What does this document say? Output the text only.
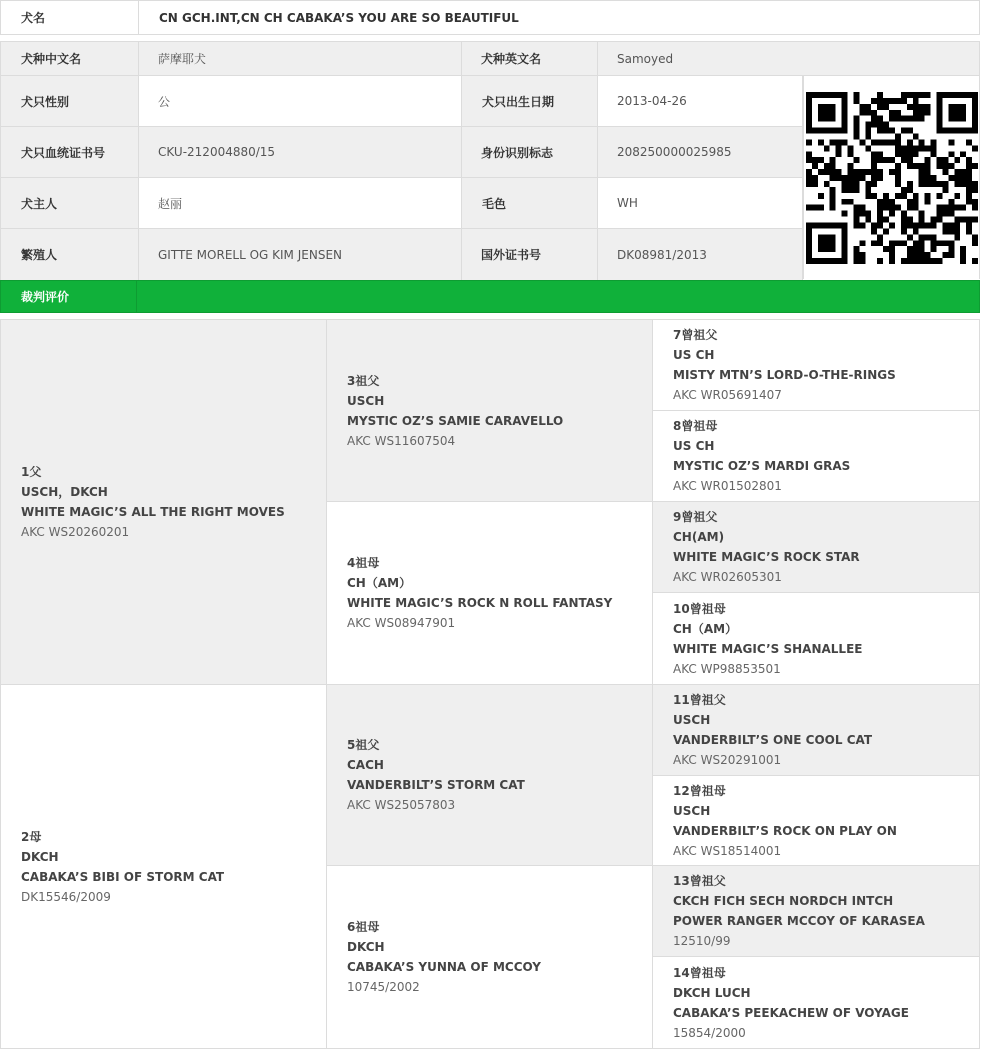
犬名	CN GCH.INT,CN CH CABAKA’S YOU ARE SO BEAUTIFUL
犬种中文名	萨摩耶犬	犬种英文名	Samoyed
犬只性别	公	犬只出生日期	2013-04-26
犬只血统证书号	CKU-212004880/15	身份识别标志	208250000025985
犬主人	赵丽	毛色	WH
繁殖人	GITTE MORELL OG KIM JENSEN	国外证书号	DK08981/2013
裁判评价
1父
USCH，DKCH
WHITE MAGIC’S ALL THE RIGHT MOVES
AKC WS20260201
2母
DKCH
CABAKA’S BIBI OF STORM CAT
DK15546/2009
3祖父
USCH
MYSTIC OZ’S SAMIE CARAVELLO
AKC WS11607504
4祖母
CH（AM）
WHITE MAGIC’S ROCK N ROLL FANTASY
AKC WS08947901
5祖父
CACH
VANDERBILT’S STORM CAT
AKC WS25057803
6祖母
DKCH
CABAKA’S YUNNA OF MCCOY
10745/2002
7曾祖父
US CH
MISTY MTN’S LORD-O-THE-RINGS
AKC WR05691407
8曾祖母
US CH
MYSTIC OZ’S MARDI GRAS
AKC WR01502801
9曾祖父
CH(AM)
WHITE MAGIC’S ROCK STAR
AKC WR02605301
10曾祖母
CH（AM）
WHITE MAGIC’S SHANALLEE
AKC WP98853501
11曾祖父
USCH
VANDERBILT’S ONE COOL CAT
AKC WS20291001
12曾祖母
USCH
VANDERBILT’S ROCK ON PLAY ON
AKC WS18514001
13曾祖父
CKCH FICH SECH NORDCH INTCH
POWER RANGER MCCOY OF KARASEA
12510/99
14曾祖母
DKCH LUCH
CABAKA’S PEEKACHEW OF VOYAGE
15854/2000
